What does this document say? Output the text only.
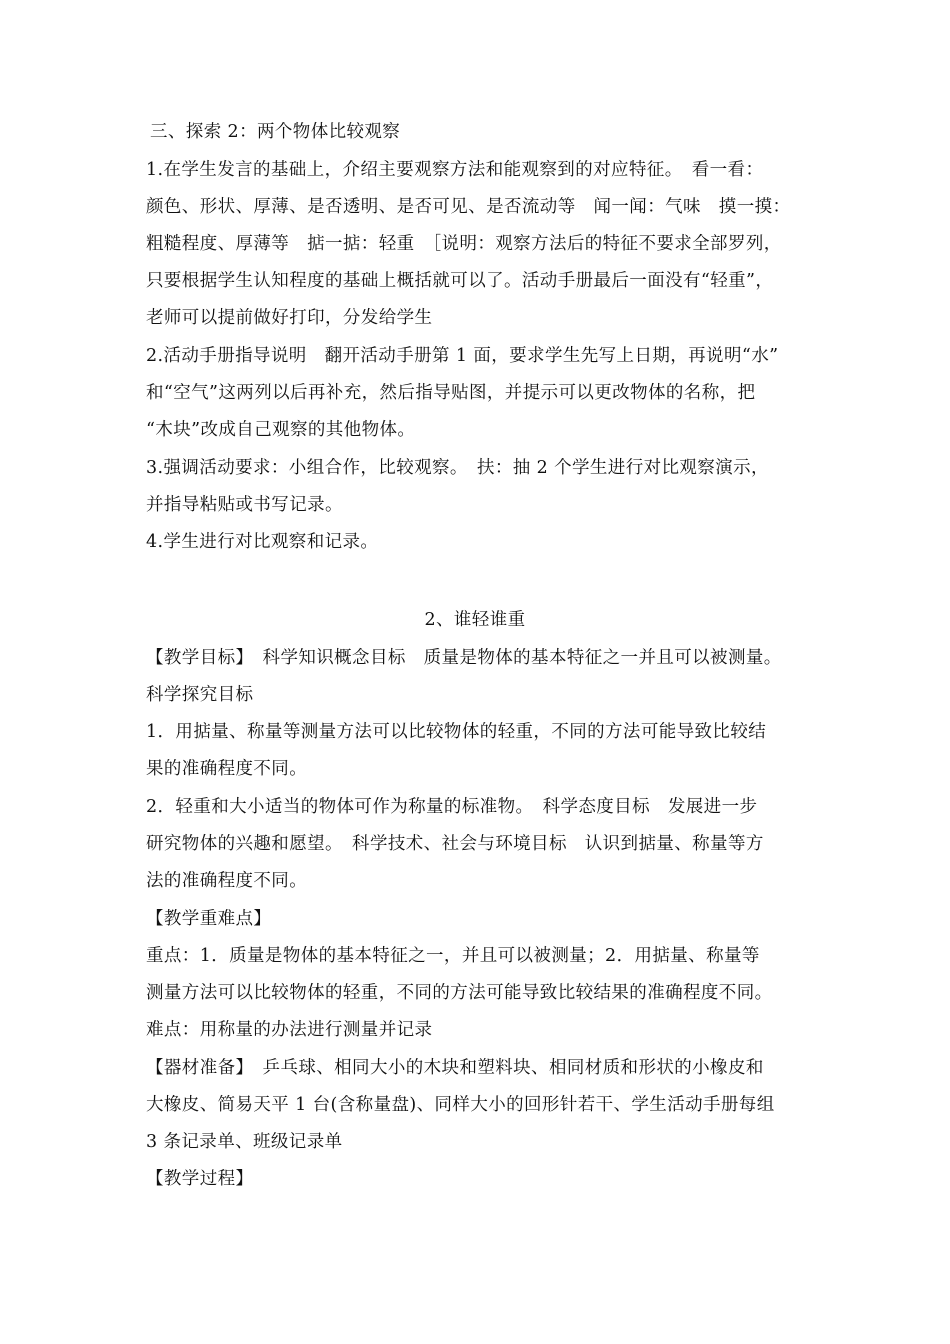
三、探索 2：两个物体比较观察
1.在学生发言的基础上，介绍主要观察方法和能观察到的对应特征。　看一看：
颜色、形状、厚薄、是否透明、是否可见、是否流动等　闻一闻：气味　摸一摸：
粗糙程度、厚薄等　掂一掂：轻重　［说明：观察方法后的特征不要求全部罗列，
只要根据学生认知程度的基础上概括就可以了。活动手册最后一面没有“轻重”，
老师可以提前做好打印，分发给学生
2.活动手册指导说明　翻开活动手册第 1 面，要求学生先写上日期，再说明“水”
和“空气”这两列以后再补充，然后指导贴图，并提示可以更改物体的名称，把
“木块”改成自己观察的其他物体。
3.强调活动要求：小组合作，比较观察。　扶：抽 2 个学生进行对比观察演示，
并指导粘贴或书写记录。
4.学生进行对比观察和记录。
2、谁轻谁重
【教学目标】　科学知识概念目标　质量是物体的基本特征之一并且可以被测量。
科学探究目标
1．用掂量、称量等测量方法可以比较物体的轻重，不同的方法可能导致比较结
果的准确程度不同。
2．轻重和大小适当的物体可作为称量的标准物。　科学态度目标　发展进一步
研究物体的兴趣和愿望。　科学技术、社会与环境目标　认识到掂量、称量等方
法的准确程度不同。
【教学重难点】
重点：1．质量是物体的基本特征之一，并且可以被测量；2．用掂量、称量等
测量方法可以比较物体的轻重，不同的方法可能导致比较结果的准确程度不同。
难点：用称量的办法进行测量并记录
【器材准备】　乒乓球、相同大小的木块和塑料块、相同材质和形状的小橡皮和
大橡皮、简易天平 1 台(含称量盘)、同样大小的回形针若干、学生活动手册每组
3 条记录单、班级记录单
【教学过程】
